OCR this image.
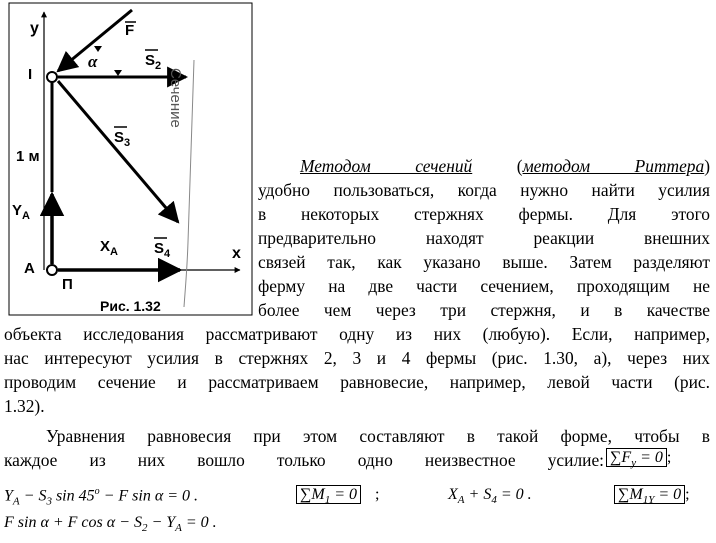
y
x
F
α	$S_2$
$S_3$
$S_4$
$X_A$
$Y_A$
I
A
П
1 м
Сечение
Рис. 1.32
Методом сечений	(методом Риттера)
удобно пользоваться, когда нужно найти усилия
в некоторых стержнях фермы. Для этого
предварительно находят реакции внешних
связей так, как указано выше. Затем разделяют
ферму на две части сечением, проходящим не
более чем через три стержня, и в качестве
объекта исследования рассматривают одну из них (любую). Если, например,
нас интересуют усилия в стержнях 2, 3 и 4 фермы (рис. 1.30, а), через них
проводим сечение и рассматриваем равновесие, например, левой части (рис.
1.32).
Уравнения равновесия при этом составляют в такой форме, чтобы в
каждое из них вошло только одно неизвестное усилие: $\sum F_y = 0$ ;
$Y_A - S_3$ $\sin 45^o - F$ sin α = 0 .	$\sum M_1 = 0$ ;	$X_A + S_4 = 0$ .	$\sum M_{1Y} = 0$ ;
F sin α + F $\cos \alpha - S_2 - Y_A = 0$ .
